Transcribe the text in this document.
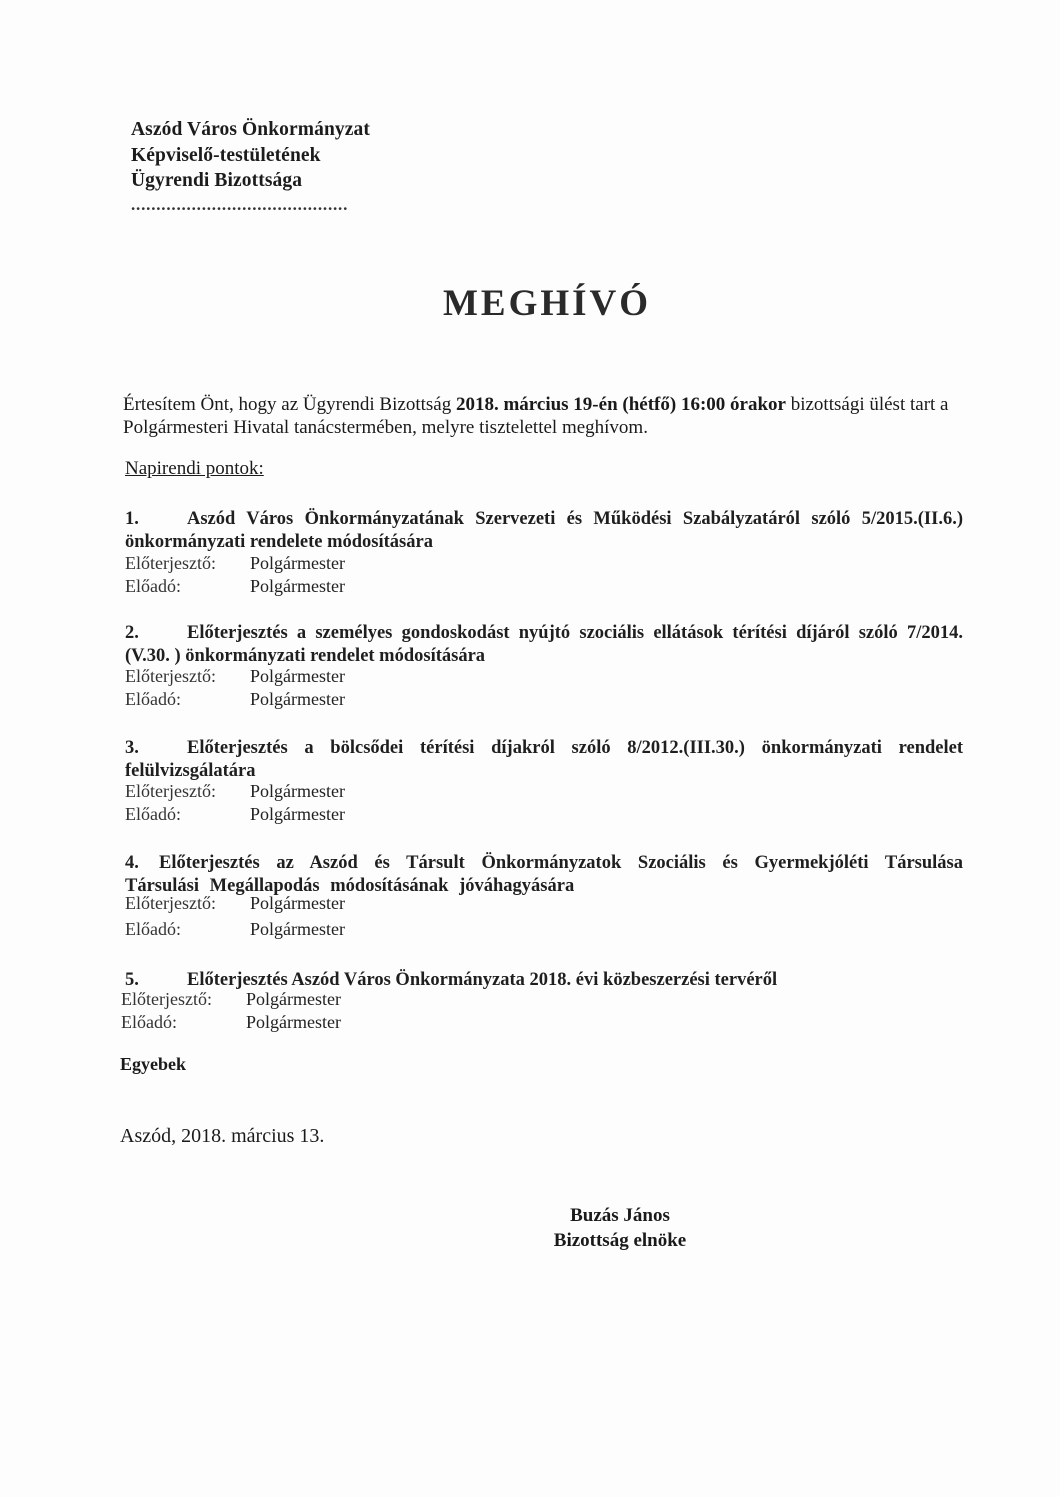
Aszód Város Önkormányzat
Képviselő-testületének
Ügyrendi Bizottsága
...........................................
MEGHÍVÓ
Értesítem Önt, hogy az Ügyrendi Bizottság 2018. március 19-én (hétfő) 16:00 órakor bizottsági ülést tart a Polgármesteri Hivatal tanácstermében, melyre tisztelettel meghívom.
Napirendi pontok:
1.	Aszód Város Önkormányzatának Szervezeti és Működési Szabályzatáról szóló 5/2015.(II.6.) önkormányzati rendelete módosítására
Előterjesztő: Polgármester
Előadó:	Polgármester
2.	Előterjesztés a személyes gondoskodást nyújtó szociális ellátások térítési díjáról szóló 7/2014. (V.30. ) önkormányzati rendelet módosítására
Előterjesztő: Polgármester
Előadó:	Polgármester
3.	Előterjesztés a bölcsődei térítési díjakról szóló 8/2012.(III.30.) önkormányzati rendelet felülvizsgálatára
Előterjesztő: Polgármester
Előadó:	Polgármester
4. Előterjesztés az Aszód és Társult Önkormányzatok Szociális és Gyermekjóléti Társulása Társulási Megállapodás módosításának jóváhagyására
Előterjesztő: Polgármester
Előadó:	Polgármester
5.	Előterjesztés Aszód Város Önkormányzata 2018. évi közbeszerzési tervéről
Előterjesztő: Polgármester
Előadó:	Polgármester
Egyebek
Aszód, 2018. március 13.
Buzás János
Bizottság elnöke
